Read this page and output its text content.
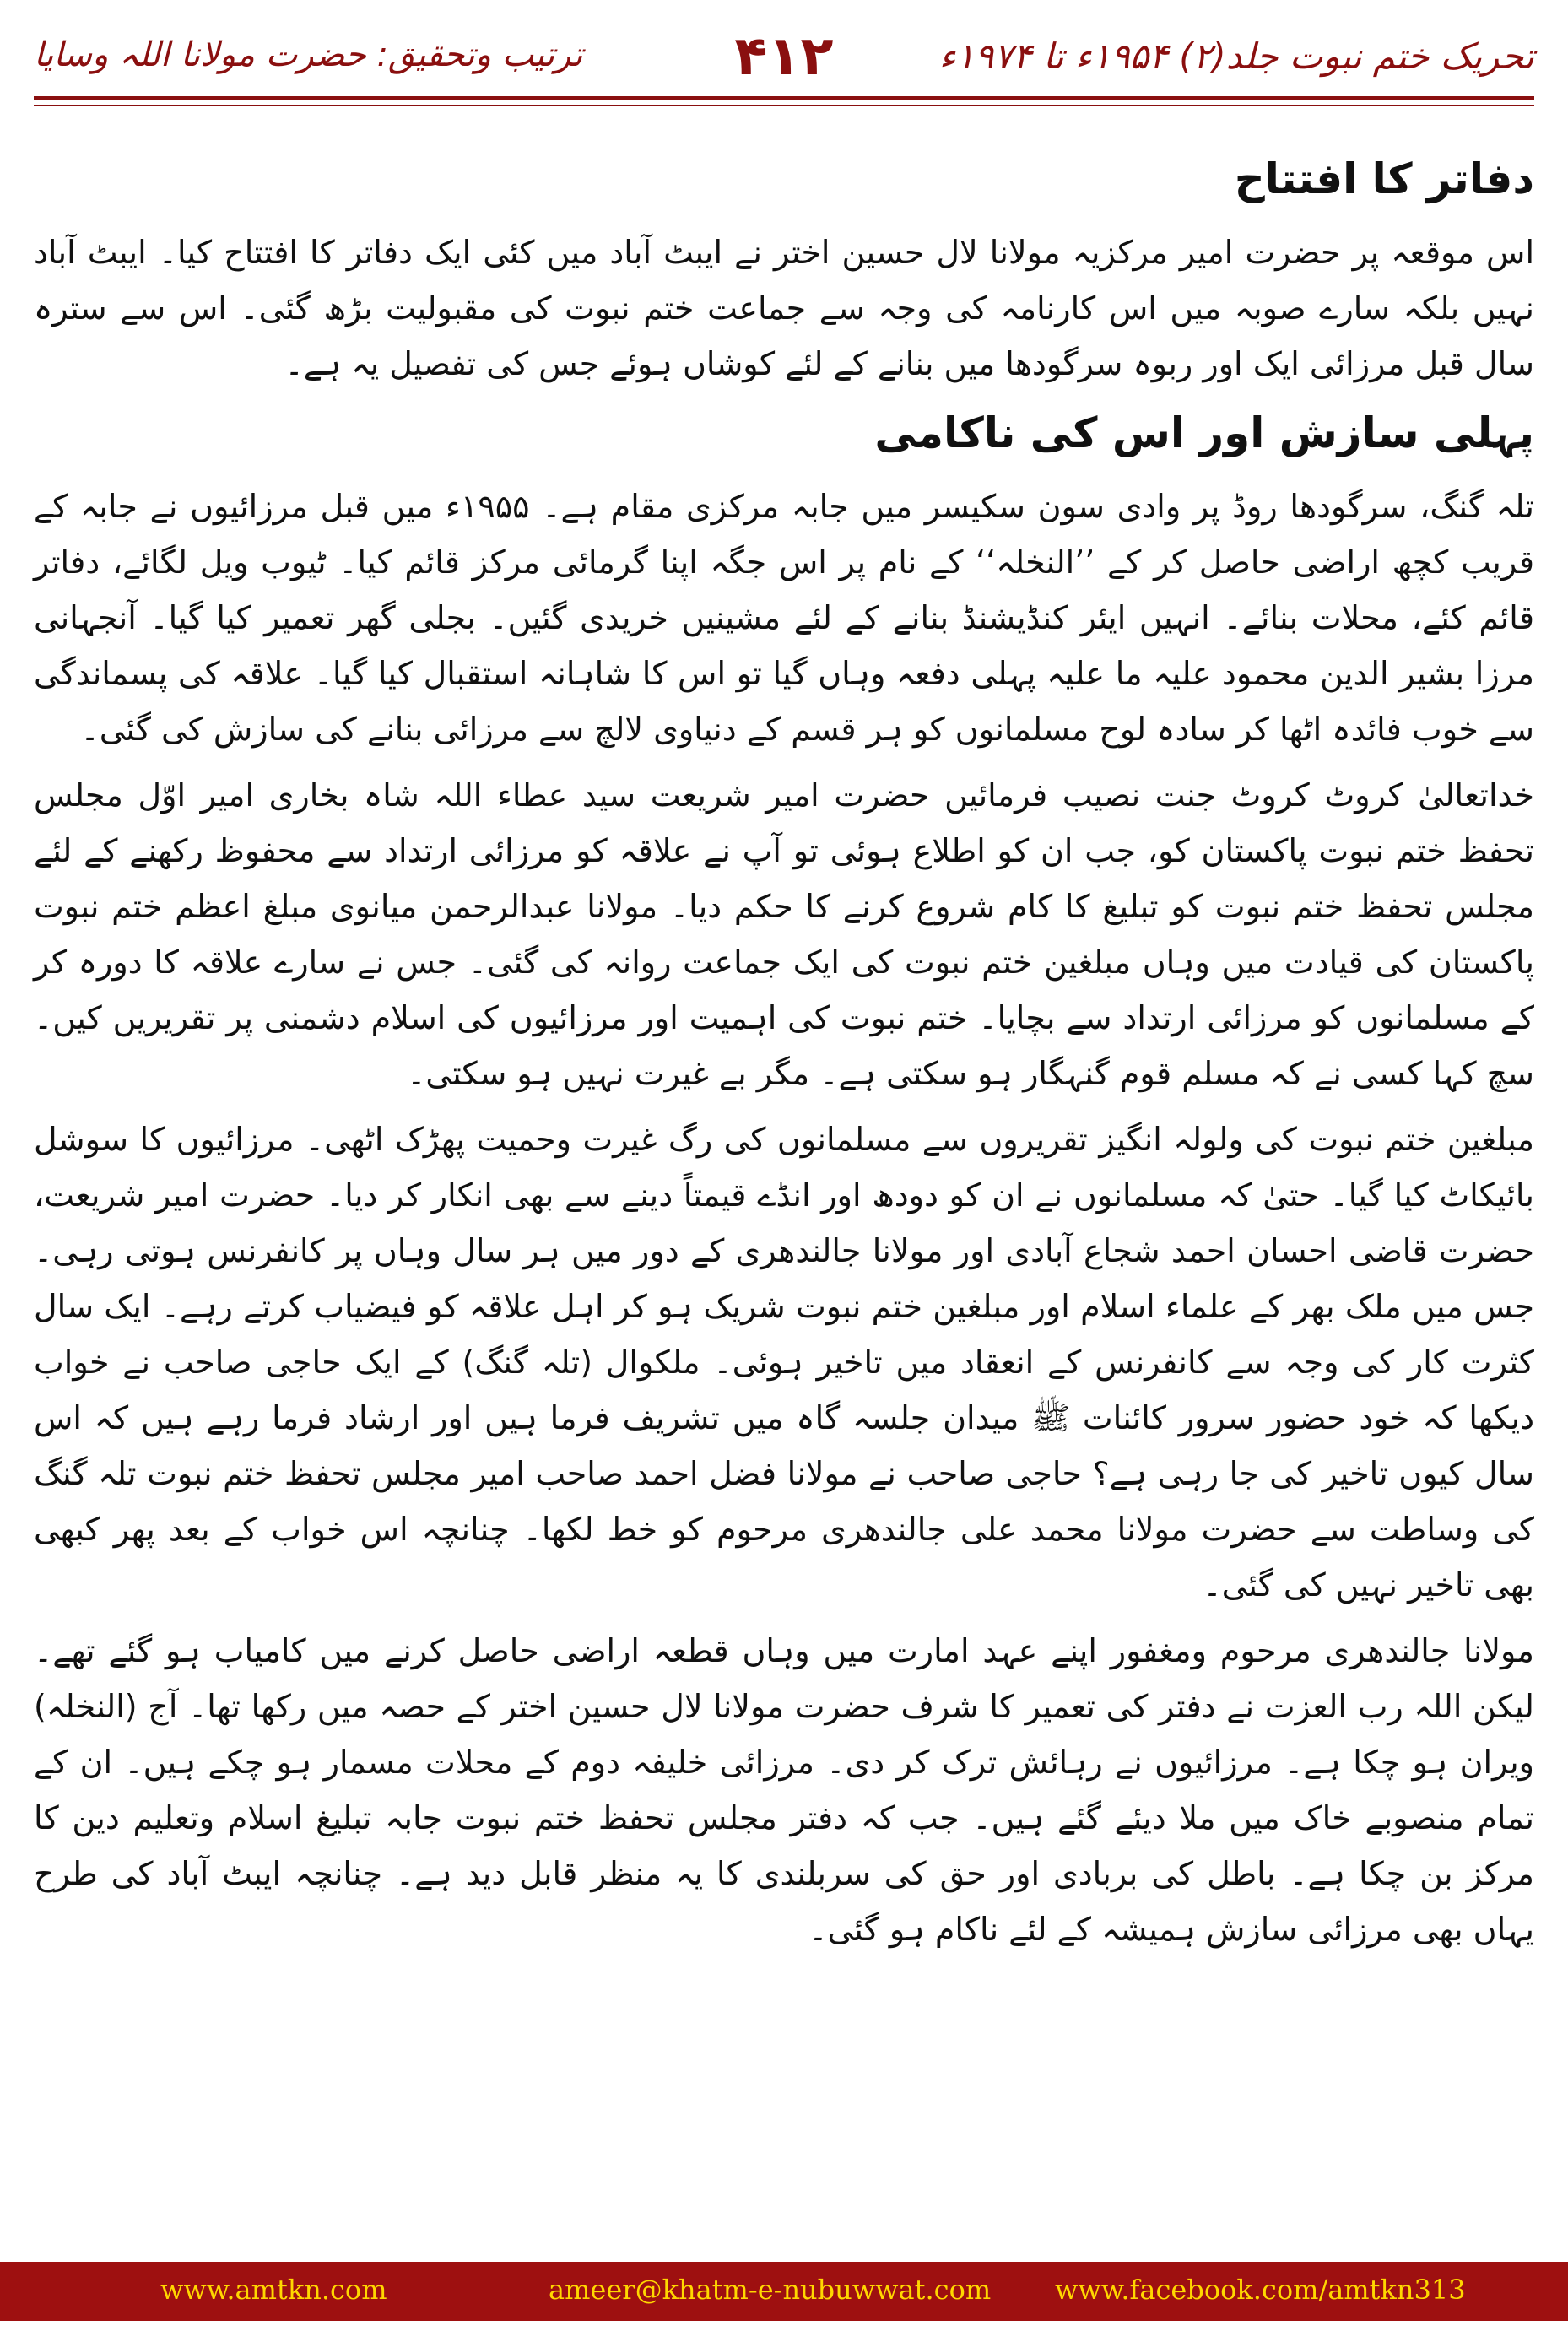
تحریک ختم نبوت جلد(۲) ۱۹۵۴ء تا ۱۹۷۴ء
۴۱۲
ترتیب وتحقیق: حضرت مولانا اللہ وسایا
دفاتر کا افتتاح

اس موقعہ پر حضرت امیر مرکزیہ مولانا لال حسین اختر نے ایبٹ آباد میں کئی ایک دفاتر کا افتتاح کیا۔ ایبٹ آباد نہیں بلکہ سارے صوبہ میں اس کارنامہ کی وجہ سے جماعت ختم نبوت کی مقبولیت بڑھ گئی۔ اس سے سترہ سال قبل مرزائی ایک اور ربوہ سرگودھا میں بنانے کے لئے کوشاں ہوئے جس کی تفصیل یہ ہے۔

پہلی سازش اور اس کی ناکامی

تلہ گنگ، سرگودھا روڈ پر وادی سون سکیسر میں جابہ مرکزی مقام ہے۔ ۱۹۵۵ء میں قبل مرزائیوں نے جابہ کے قریب کچھ اراضی حاصل کر کے ’’النخلہ‘‘ کے نام پر اس جگہ اپنا گرمائی مرکز قائم کیا۔ ٹیوب ویل لگائے، دفاتر قائم کئے، محلات بنائے۔ انہیں ایئر کنڈیشنڈ بنانے کے لئے مشینیں خریدی گئیں۔ بجلی گھر تعمیر کیا گیا۔ آنجہانی مرزا بشیر الدین محمود علیہ ما علیہ پہلی دفعہ وہاں گیا تو اس کا شاہانہ استقبال کیا گیا۔ علاقہ کی پسماندگی سے خوب فائدہ اٹھا کر سادہ لوح مسلمانوں کو ہر قسم کے دنیاوی لالچ سے مرزائی بنانے کی سازش کی گئی۔

خداتعالیٰ کروٹ کروٹ جنت نصیب فرمائیں حضرت امیر شریعت سید عطاء اللہ شاہ بخاری امیر اوّل مجلس تحفظ ختم نبوت پاکستان کو، جب ان کو اطلاع ہوئی تو آپ نے علاقہ کو مرزائی ارتداد سے محفوظ رکھنے کے لئے مجلس تحفظ ختم نبوت کو تبلیغ کا کام شروع کرنے کا حکم دیا۔ مولانا عبدالرحمن میانوی مبلغ اعظم ختم نبوت پاکستان کی قیادت میں وہاں مبلغین ختم نبوت کی ایک جماعت روانہ کی گئی۔ جس نے سارے علاقہ کا دورہ کر کے مسلمانوں کو مرزائی ارتداد سے بچایا۔ ختم نبوت کی اہمیت اور مرزائیوں کی اسلام دشمنی پر تقریریں کیں۔ سچ کہا کسی نے کہ مسلم قوم گنہگار ہو سکتی ہے۔ مگر بے غیرت نہیں ہو سکتی۔

مبلغین ختم نبوت کی ولولہ انگیز تقریروں سے مسلمانوں کی رگ غیرت وحمیت پھڑک اٹھی۔ مرزائیوں کا سوشل بائیکاٹ کیا گیا۔ حتیٰ کہ مسلمانوں نے ان کو دودھ اور انڈے قیمتاً دینے سے بھی انکار کر دیا۔ حضرت امیر شریعت، حضرت قاضی احسان احمد شجاع آبادی اور مولانا جالندھری کے دور میں ہر سال وہاں پر کانفرنس ہوتی رہی۔ جس میں ملک بھر کے علماء اسلام اور مبلغین ختم نبوت شریک ہو کر اہل علاقہ کو فیضیاب کرتے رہے۔ ایک سال کثرت کار کی وجہ سے کانفرنس کے انعقاد میں تاخیر ہوئی۔ ملکوال (تلہ گنگ) کے ایک حاجی صاحب نے خواب دیکھا کہ خود حضور سرور کائنات ﷺ میدان جلسہ گاہ میں تشریف فرما ہیں اور ارشاد فرما رہے ہیں کہ اس سال کیوں تاخیر کی جا رہی ہے؟ حاجی صاحب نے مولانا فضل احمد صاحب امیر مجلس تحفظ ختم نبوت تلہ گنگ کی وساطت سے حضرت مولانا محمد علی جالندھری مرحوم کو خط لکھا۔ چنانچہ اس خواب کے بعد پھر کبھی بھی تاخیر نہیں کی گئی۔

مولانا جالندھری مرحوم ومغفور اپنے عہد امارت میں وہاں قطعہ اراضی حاصل کرنے میں کامیاب ہو گئے تھے۔ لیکن اللہ رب العزت نے دفتر کی تعمیر کا شرف حضرت مولانا لال حسین اختر کے حصہ میں رکھا تھا۔ آج (النخلہ) ویران ہو چکا ہے۔ مرزائیوں نے رہائش ترک کر دی۔ مرزائی خلیفہ دوم کے محلات مسمار ہو چکے ہیں۔ ان کے تمام منصوبے خاک میں ملا دیئے گئے ہیں۔ جب کہ دفتر مجلس تحفظ ختم نبوت جابہ تبلیغ اسلام وتعلیم دین کا مرکز بن چکا ہے۔ باطل کی بربادی اور حق کی سربلندی کا یہ منظر قابل دید ہے۔ چنانچہ ایبٹ آباد کی طرح یہاں بھی مرزائی سازش ہمیشہ کے لئے ناکام ہو گئی۔

www.amtkn.com	ameer@khatm-e-nubuwwat.com www.facebook.com/amtkn313
